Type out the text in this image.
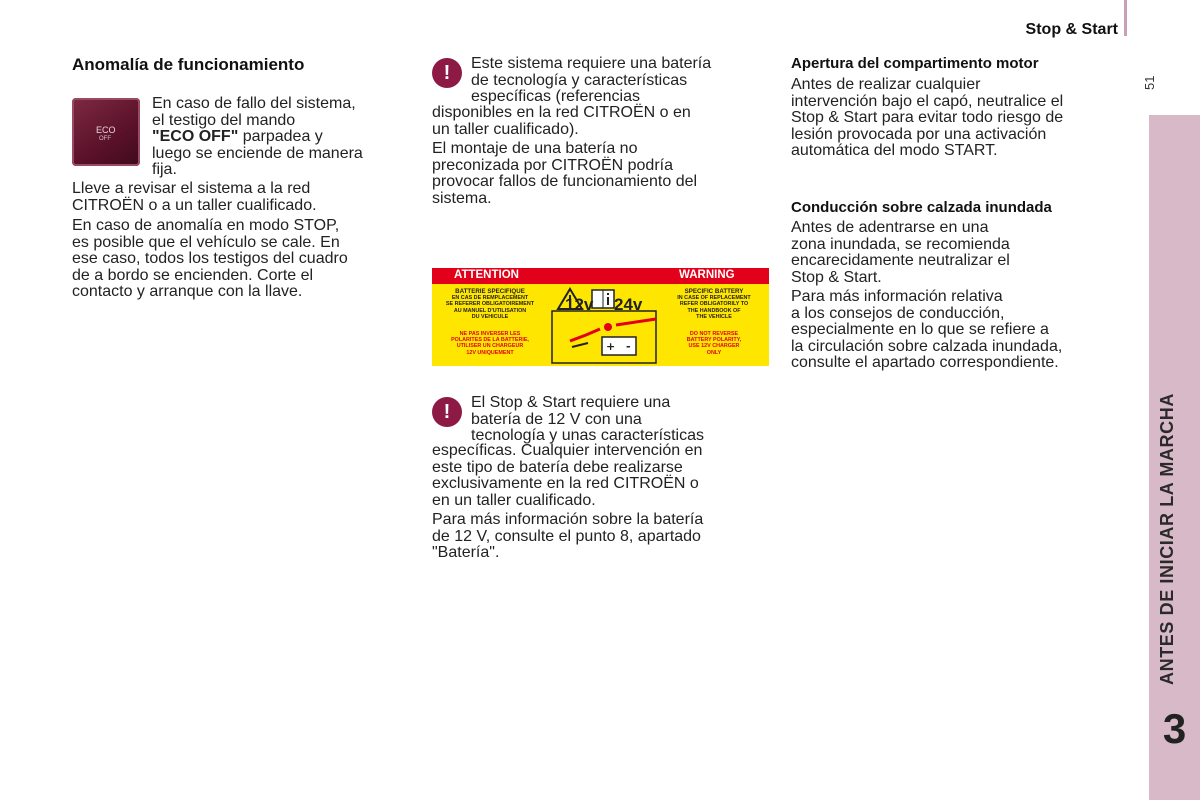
Stop & Start
51
ANTES DE INICIAR LA MARCHA
3
Anomalía de funcionamiento
ECO
OFF
En caso de fallo del sistema,
el testigo del mando
"ECO OFF" parpadea y
luego se enciende de manera
fija.
Lleve a revisar el sistema a la red
CITROËN o a un taller cualificado.
En caso de anomalía en modo STOP,
es posible que el vehículo se cale. En
ese caso, todos los testigos del cuadro
de a bordo se encienden. Corte el
contacto y arranque con la llave.
!	Este sistema requiere una batería
de tecnología y características
específicas (referencias
disponibles en la red CITROËN o en
un taller cualificado).
El montaje de una batería no
preconizada por CITROËN podría
provocar fallos de funcionamiento del
sistema.
ATTENTION	WARNING
BATTERIE SPECIFIQUE
EN CAS DE REMPLACEMENT
SE REFERER OBLIGATOIREMENT
AU MANUEL D'UTILISATION
DU VEHICULE
NE PAS INVERSER LES
POLARITES DE LA BATTERIE,
UTILISER UN CHARGEUR
12V UNIQUEMENT
SPECIFIC BATTERY
IN CASE OF REPLACEMENT
REFER OBLIGATORILY TO
THE HANDBOOK OF
THE VEHICLE
DO NOT REVERSE
BATTERY POLARITY,
USE 12V CHARGER
ONLY
+ -
12v 24v
!	El Stop & Start requiere una
batería de 12 V con una
tecnología y unas características
específicas. Cualquier intervención en
este tipo de batería debe realizarse
exclusivamente en la red CITROËN o
en un taller cualificado.
Para más información sobre la batería
de 12 V, consulte el punto 8, apartado
"Batería".
Apertura del compartimento motor
Antes de realizar cualquier
intervención bajo el capó, neutralice el
Stop & Start para evitar todo riesgo de
lesión provocada por una activación
automática del modo START.
Conducción sobre calzada inundada
Antes de adentrarse en una
zona inundada, se recomienda
encarecidamente neutralizar el
Stop & Start.
Para más información relativa
a los consejos de conducción,
especialmente en lo que se refiere a
la circulación sobre calzada inundada,
consulte el apartado correspondiente.
